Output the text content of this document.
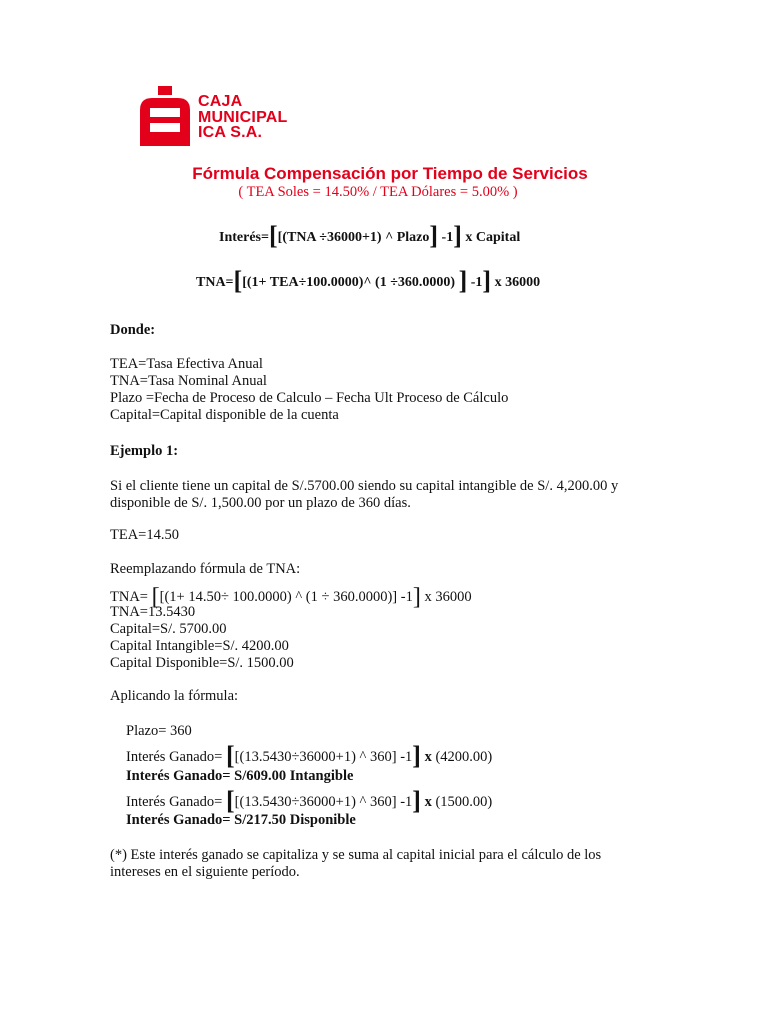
CAJA
MUNICIPAL
ICA S.A.
Fórmula Compensación por Tiempo de Servicios
( TEA Soles = 14.50% / TEA Dólares = 5.00% )
Interés=[[(TNA ÷36000+1) ^ Plazo] -1] x Capital
TNA=[[(1+ TEA÷100.0000)^ (1 ÷360.0000) ] -1] x 36000
Donde:
TEA=Tasa Efectiva Anual
TNA=Tasa Nominal Anual
Plazo =Fecha de Proceso de Calculo – Fecha Ult Proceso de Cálculo
Capital=Capital disponible de la cuenta
Ejemplo 1:
Si el cliente tiene un capital de S/.5700.00 siendo su capital intangible de S/. 4,200.00 y
disponible de S/. 1,500.00 por un plazo de 360 días.
TEA=14.50
Reemplazando fórmula de TNA:
TNA= [[(1+ 14.50÷ 100.0000) ^ (1 ÷ 360.0000)] -1] x 36000
TNA=13.5430
Capital=S/. 5700.00
Capital Intangible=S/. 4200.00
Capital Disponible=S/. 1500.00
Aplicando la fórmula:
Plazo= 360
Interés Ganado= [[(13.5430÷36000+1) ^ 360] -1] x (4200.00)
Interés Ganado= S/609.00 Intangible
Interés Ganado= [[(13.5430÷36000+1) ^ 360] -1] x (1500.00)
Interés Ganado= S/217.50 Disponible
(*) Este interés ganado se capitaliza y se suma al capital inicial para el cálculo de los
intereses en el siguiente período.
